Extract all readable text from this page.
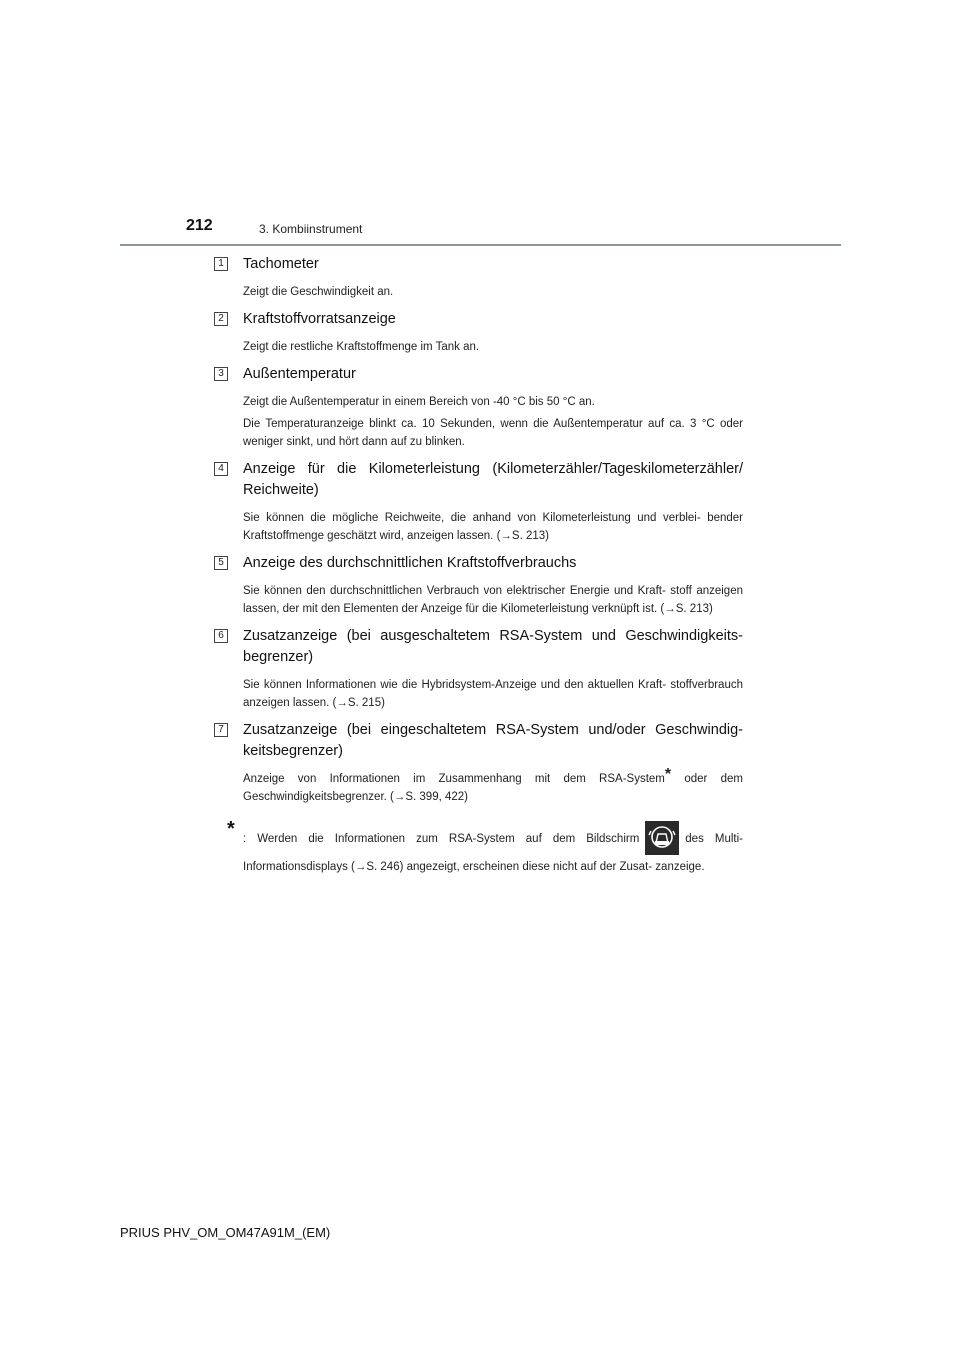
212	3. Kombiinstrument
1 Tachometer

Zeigt die Geschwindigkeit an.

2 Kraftstoffvorratsanzeige

Zeigt die restliche Kraftstoffmenge im Tank an.

3 Außentemperatur

Zeigt die Außentemperatur in einem Bereich von -40 °C bis 50 °C an.

Die Temperaturanzeige blinkt ca. 10 Sekunden, wenn die Außentemperatur auf ca. 3 °C oder weniger sinkt, und hört dann auf zu blinken.

4 Anzeige für die Kilometerleistung (Kilometerzähler/Tageskilometerzähler/ Reichweite)

Sie können die mögliche Reichweite, die anhand von Kilometerleistung und verblei- bender Kraftstoffmenge geschätzt wird, anzeigen lassen. (→S. 213)

5 Anzeige des durchschnittlichen Kraftstoffverbrauchs

Sie können den durchschnittlichen Verbrauch von elektrischer Energie und Kraft- stoff anzeigen lassen, der mit den Elementen der Anzeige für die Kilometerleistung verknüpft ist. (→S. 213)

6 Zusatzanzeige (bei ausgeschaltetem RSA-System und Geschwindigkeits- begrenzer)

Sie können Informationen wie die Hybridsystem-Anzeige und den aktuellen Kraft- stoffverbrauch anzeigen lassen. (→S. 215)

7 Zusatzanzeige (bei eingeschaltetem RSA-System und/oder Geschwindig- keitsbegrenzer)

Anzeige von Informationen im Zusammenhang mit dem RSA-System* oder dem Geschwindigkeitsbegrenzer. (→S. 399, 422)

* : Werden die Informationen zum RSA-System auf dem Bildschirm	des Multi- Informationsdisplays (→S. 246) angezeigt, erscheinen diese nicht auf der Zusat- zanzeige.

PRIUS PHV_OM_OM47A91M_(EM)
